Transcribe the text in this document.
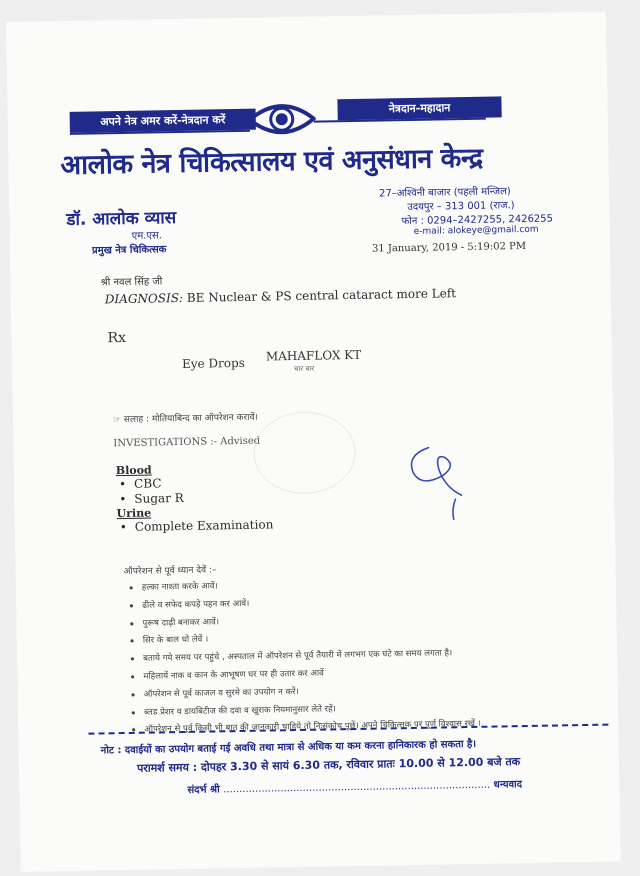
अपने नेत्र अमर करें-नेत्रदान करें
नेत्रदान-महादान
आलोक नेत्र चिकित्सालय एवं अनुसंधान केन्द्र
डॉ. आलोक व्यास
एम.एस.
प्रमुख नेत्र चिकित्सक
27–अश्विनी बाजार (पहली मन्जिल)
उदयपुर – 313 001 (राज.)
फोन : 0294–2427255, 2426255
e-mail: alokeye@gmail.com
31 January, 2019 - 5:19:02 PM
श्री नवल सिंह जी
DIAGNOSIS: BE Nuclear & PS central cataract more Left
Rx
Eye Drops MAHAFLOX KT
चार बार
☞ सलाह : मोतियाबिन्द का ऑपरेशन करावें।
INVESTIGATIONS :- Advised
Blood
• CBC
• Sugar R
Urine
• Complete Examination
ऑपरेशन से पूर्व ध्यान देवें :–
• हल्का नाश्ता करके आवें।
• ढीले व सफेद कपड़े पहन कर आवें।
• पुरूष दाढ़ी बनाकर आवें।
• सिर के बाल धो लेवें ।
• बताये गये समय पर पहुंचे , अस्पताल में ऑपरेशन से पूर्व तैयारी में लगभग एक घंटे का समय लगता है।
• महिलायें नाक व कान के आभूषण घर पर ही उतार कर आवें
• ऑपरेशन से पूर्व काजल व सुरमे का उपयोग न करें।
• ब्लड प्रेशर व डायबिटीज की दवा व खुराक नियमानुसार लेते रहें।
• ऑपरेशन से पूर्व किसी भी बात की जानकारी चाहिये तो निःसंकोच पूछें। अपने चिकित्सक पर पूर्ण विश्वास रखें ।
नोट : दवाईयों का उपयोग बताई गई अवधि तथा मात्रा से अधिक या कम करना हानिकारक हो सकता है।
परामर्श समय : दोपहर 3.30 से सायं 6.30 तक, रविवार प्रातः 10.00 से 12.00 बजे तक
संदर्भ श्री .................................................................................... धन्यवाद
